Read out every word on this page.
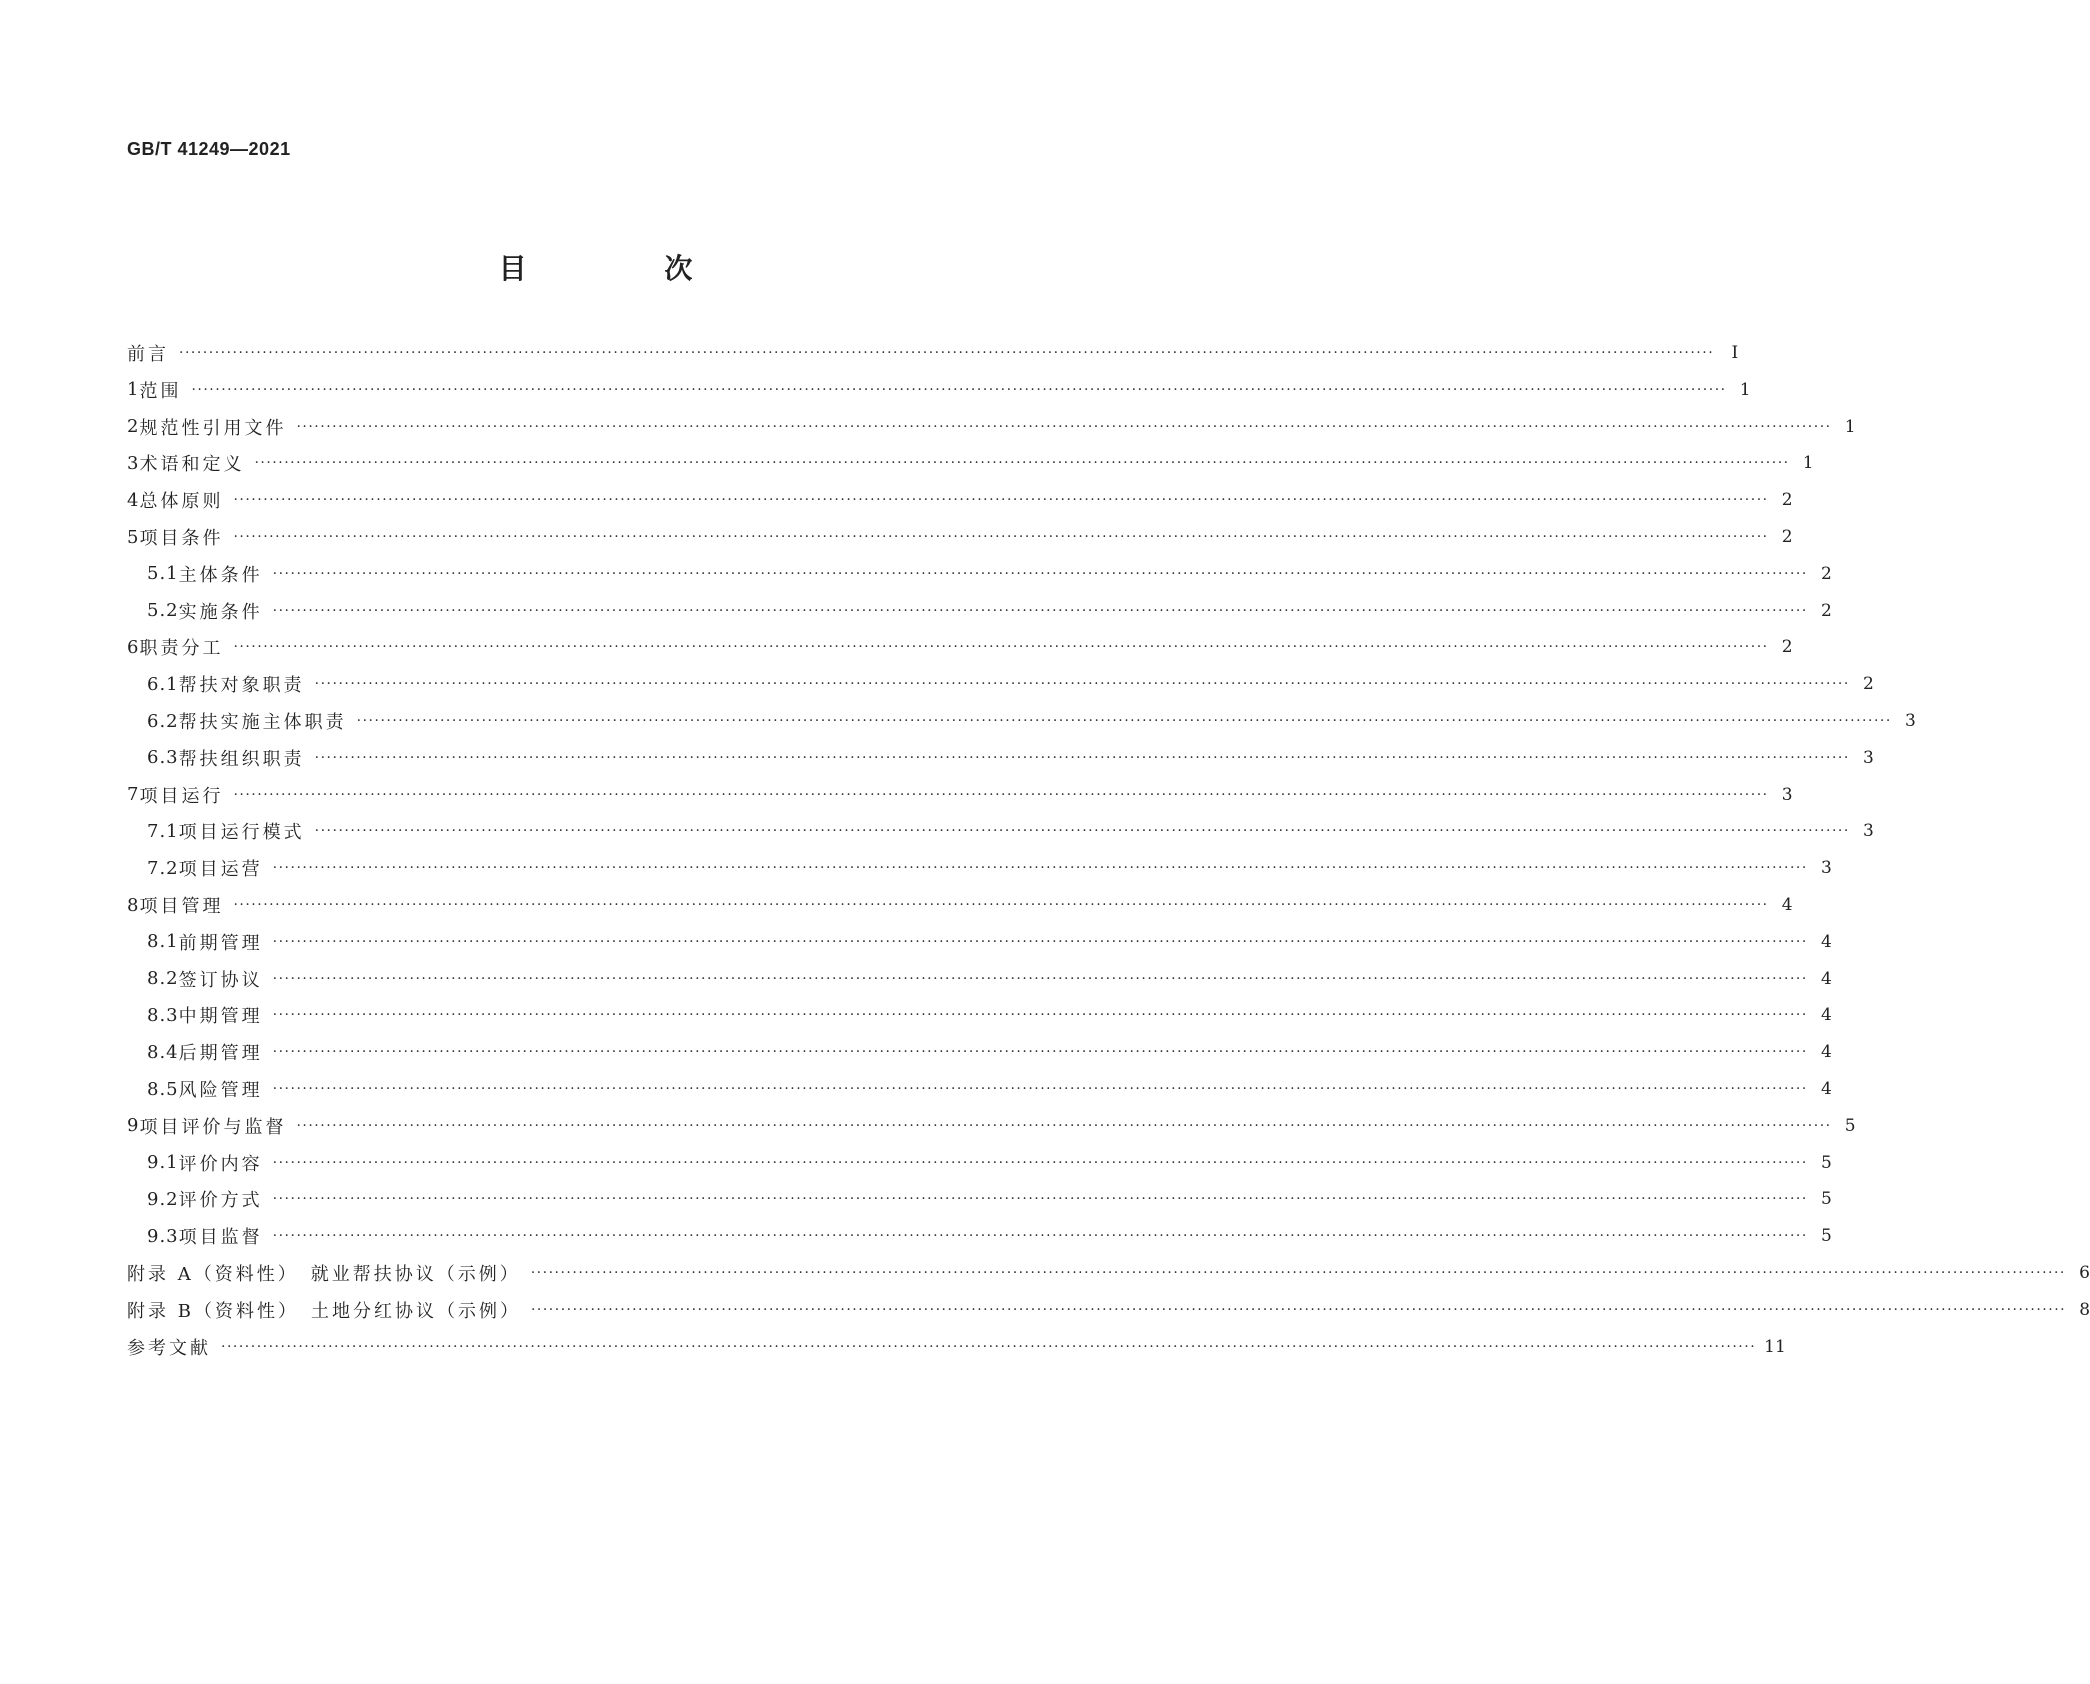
GB/T 41249—2021
目 次
前言 ·····	Ⅰ
1 范围 ·····	1
2 规范性引用文件 ·····	1
3 术语和定义 ·····	1
4 总体原则 ·····	2
5 项目条件 ·····	2
5.1 主体条件 ·····	2
5.2 实施条件 ·····	2
6 职责分工 ·····	2
6.1 帮扶对象职责 ·····	2
6.2 帮扶实施主体职责 ·····	3
6.3 帮扶组织职责 ·····	3
7 项目运行 ·····	3
7.1 项目运行模式 ·····	3
7.2 项目运营 ·····	3
8 项目管理 ·····	4
8.1 前期管理 ·····	4
8.2 签订协议 ·····	4
8.3 中期管理 ·····	4
8.4 后期管理 ·····	4
8.5 风险管理 ·····	4
9 项目评价与监督 ·····	5
9.1 评价内容 ·····	5
9.2 评价方式 ·····	5
9.3 项目监督 ·····	5
附录 A（资料性）　就业帮扶协议（示例） ·····	6
附录 B（资料性）　土地分红协议（示例） ·····	8
参考文献 ·····	11
